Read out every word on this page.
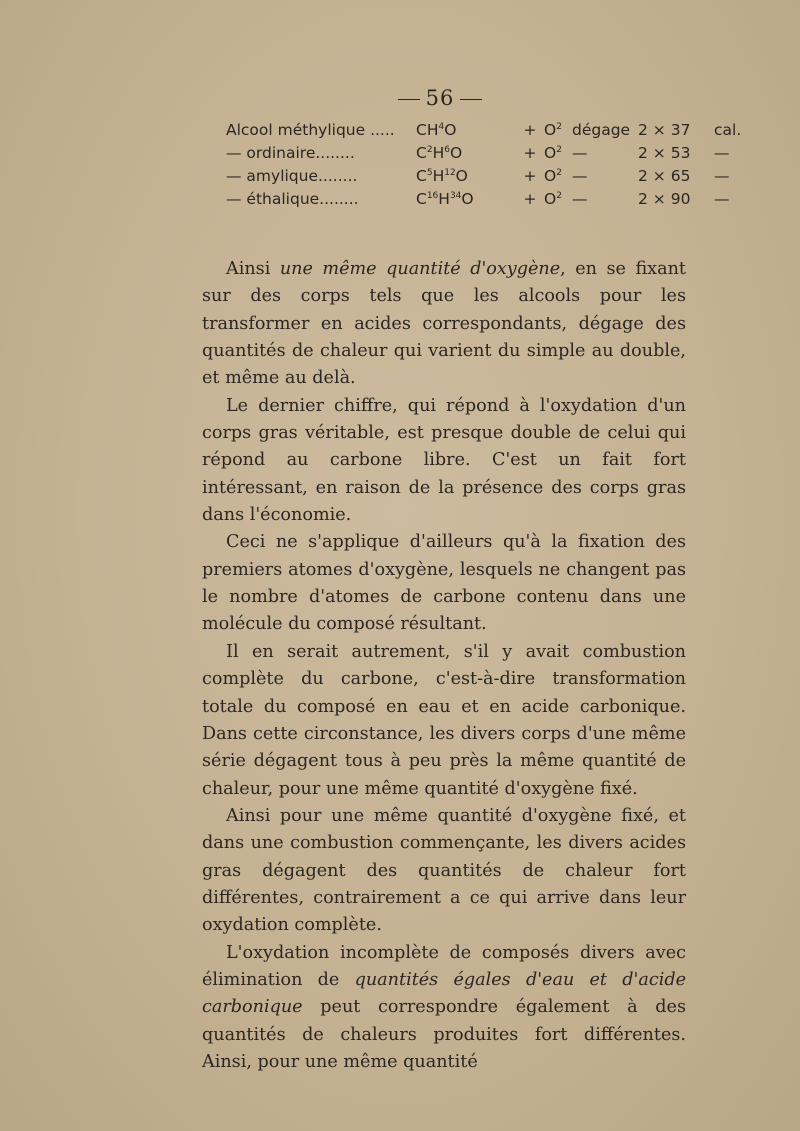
56
Alcool méthylique .....	$CH^4O$	+	$O^2$	dégage	2 × 37	cal.
— ordinaire........	$C^2H^6O$	+	$O^2$	—	2 × 53	—
— amylique........	$C^5H^{12}O$	+	$O^2$	—	2 × 65	—
— éthalique........	$C^{16}H^{34}O$	+	$O^2$	—	2 × 90	—

Ainsi une même quantité d'oxygène, en se fixant sur des corps tels que les alcools pour les transformer en acides correspondants, dégage des quantités de chaleur qui varient du simple au double, et même au delà.

Le dernier chiffre, qui répond à l'oxydation d'un corps gras véritable, est presque double de celui qui répond au carbone libre. C'est un fait fort intéressant, en raison de la présence des corps gras dans l'économie.

Ceci ne s'applique d'ailleurs qu'à la fixation des premiers atomes d'oxygène, lesquels ne changent pas le nombre d'atomes de carbone contenu dans une molécule du composé résultant.

Il en serait autrement, s'il y avait combustion complète du carbone, c'est-à-dire transformation totale du composé en eau et en acide carbonique. Dans cette circonstance, les divers corps d'une même série dégagent tous à peu près la même quantité de chaleur, pour une même quantité d'oxygène fixé.

Ainsi pour une même quantité d'oxygène fixé, et dans une combustion commençante, les divers acides gras dégagent des quantités de chaleur fort différentes, contrairement a ce qui arrive dans leur oxydation complète.

L'oxydation incomplète de composés divers avec élimination de quantités égales d'eau et d'acide carbonique peut correspondre également à des quantités de chaleurs produites fort différentes. Ainsi, pour une même quantité
